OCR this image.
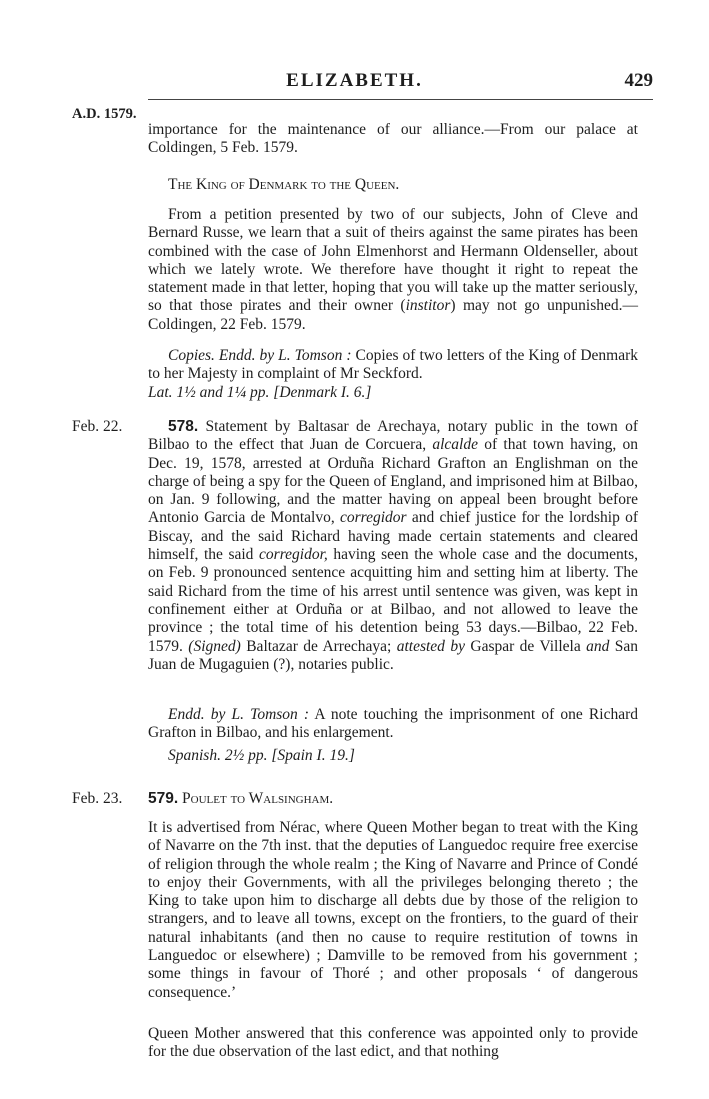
ELIZABETH.	429
A.D. 1579.

importance for the maintenance of our alliance.—From our palace at Coldingen, 5 Feb. 1579.

The King of Denmark to the Queen.

From a petition presented by two of our subjects, John of Cleve and Bernard Russe, we learn that a suit of theirs against the same pirates has been combined with the case of John Elmenhorst and Hermann Oldenseller, about which we lately wrote. We therefore have thought it right to repeat the statement made in that letter, hoping that you will take up the matter seriously, so that those pirates and their owner (institor) may not go unpunished.—Coldingen, 22 Feb. 1579.

Copies. Endd. by L. Tomson : Copies of two letters of the King of Denmark to her Majesty in complaint of Mr Seckford.
Lat. 1½ and 1¼ pp. [Denmark I. 6.]

Feb. 22.	578. Statement by Baltasar de Arechaya, notary public in the town of Bilbao to the effect that Juan de Corcuera, alcalde of that town having, on Dec. 19, 1578, arrested at Orduña Richard Grafton an Englishman on the charge of being a spy for the Queen of England, and imprisoned him at Bilbao, on Jan. 9 following, and the matter having on appeal been brought before Antonio Garcia de Montalvo, corregidor and chief justice for the lordship of Biscay, and the said Richard having made certain statements and cleared himself, the said corregidor, having seen the whole case and the documents, on Feb. 9 pronounced sentence acquitting him and setting him at liberty. The said Richard from the time of his arrest until sentence was given, was kept in confinement either at Orduña or at Bilbao, and not allowed to leave the province ; the total time of his detention being 53 days.—Bilbao, 22 Feb. 1579. (Signed) Baltazar de Arrechaya; attested by Gaspar de Villela and San Juan de Mugaguien (?), notaries public.

Endd. by L. Tomson : A note touching the imprisonment of one Richard Grafton in Bilbao, and his enlargement.

Spanish. 2½ pp. [Spain I. 19.]

Feb. 23. 579. Poulet to Walsingham.

It is advertised from Nérac, where Queen Mother began to treat with the King of Navarre on the 7th inst. that the deputies of Languedoc require free exercise of religion through the whole realm ; the King of Navarre and Prince of Condé to enjoy their Governments, with all the privileges belonging thereto ; the King to take upon him to discharge all debts due by those of the religion to strangers, and to leave all towns, except on the frontiers, to the guard of their natural inhabitants (and then no cause to require restitution of towns in Languedoc or elsewhere) ; Damville to be removed from his government ; some things in favour of Thoré ; and other proposals ‘ of dangerous consequence.’

Queen Mother answered that this conference was appointed only to provide for the due observation of the last edict, and that nothing
